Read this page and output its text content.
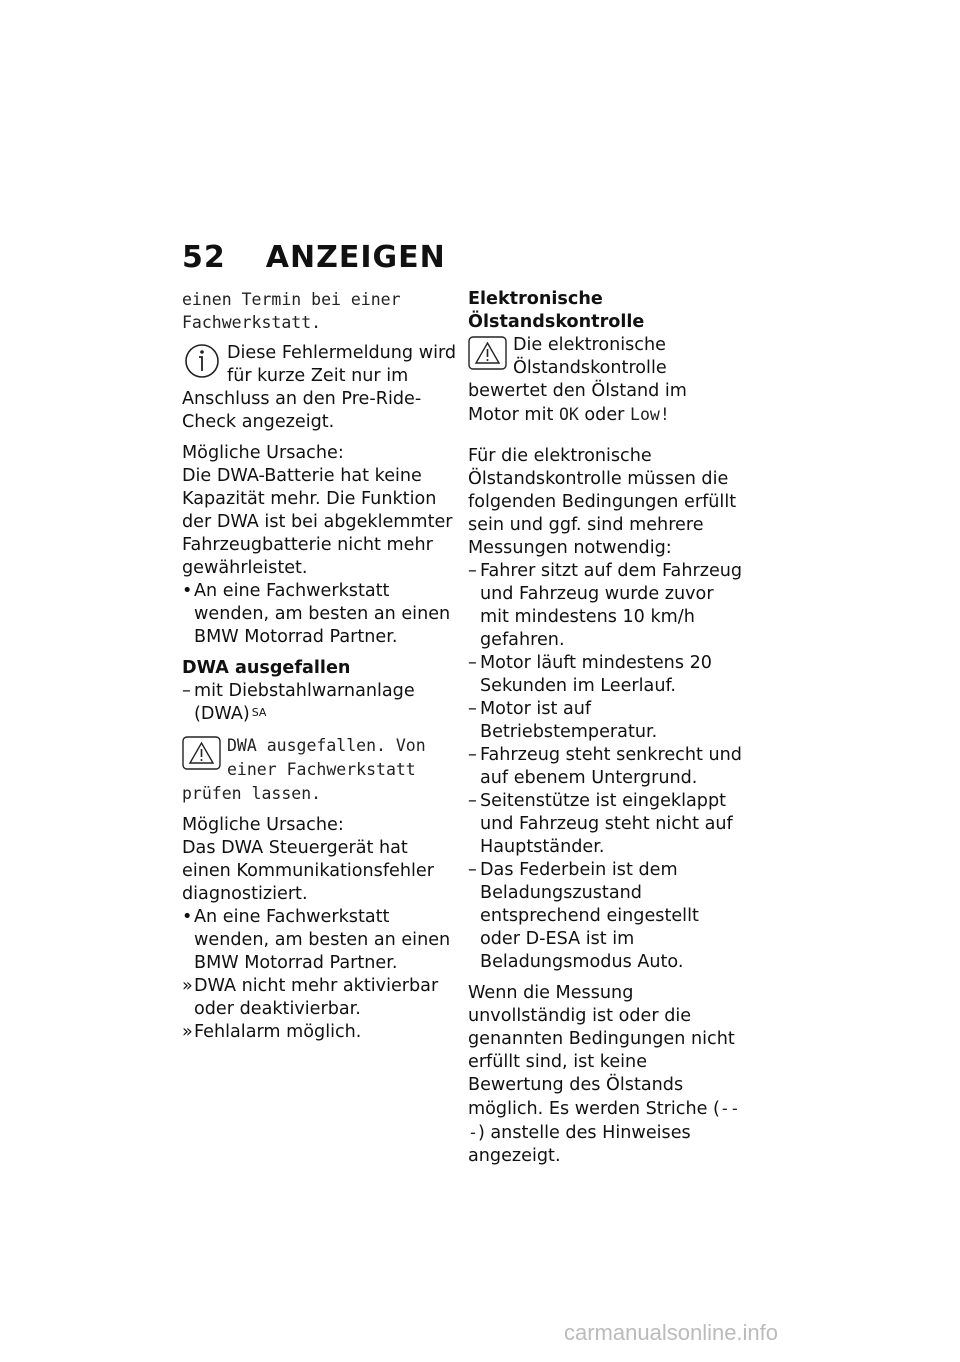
52 ANZEIGEN

einen Termin bei einer Fachwerkstatt.

Diese Fehlermeldung wird für kurze Zeit nur im Anschluss an den Pre-Ride-Check angezeigt.

Mögliche Ursache:

Die DWA-Batterie hat keine Kapazität mehr. Die Funktion der DWA ist bei abgeklemmter Fahrzeugbatterie nicht mehr gewährleistet.

• An eine Fachwerkstatt wenden, am besten an einen BMW Motorrad Partner.

DWA ausgefallen

– mit Diebstahlwarnanlage (DWA) $^{SA}$
DWA ausgefallen. Von einer Fachwerkstatt prüfen lassen.

Mögliche Ursache:

Das DWA Steuergerät hat einen Kommunikationsfehler diagnostiziert.

• An eine Fachwerkstatt wenden, am besten an einen BMW Motorrad Partner.
» DWA nicht mehr aktivierbar oder deaktivierbar.
» Fehlalarm möglich.

Elektronische Ölstandskontrolle

Die elektronische Ölstandskontrolle bewertet den Ölstand im Motor mit OK oder Low!

Für die elektronische Ölstandskontrolle müssen die folgenden Bedingungen erfüllt sein und ggf. sind mehrere Messungen notwendig:

– Fahrer sitzt auf dem Fahrzeug und Fahrzeug wurde zuvor mit mindestens 10 km/h gefahren.
– Motor läuft mindestens 20 Sekunden im Leerlauf.
– Motor ist auf Betriebstemperatur.
– Fahrzeug steht senkrecht und auf ebenem Untergrund.
– Seitenstütze ist eingeklappt und Fahrzeug steht nicht auf Hauptständer.
– Das Federbein ist dem Beladungszustand entsprechend eingestellt oder D-ESA ist im Beladungsmodus Auto.

Wenn die Messung unvollständig ist oder die genannten Bedingungen nicht erfüllt sind, ist keine Bewertung des Ölstands möglich. Es werden Striche (---) anstelle des Hinweises angezeigt.

carmanualsonline.info
